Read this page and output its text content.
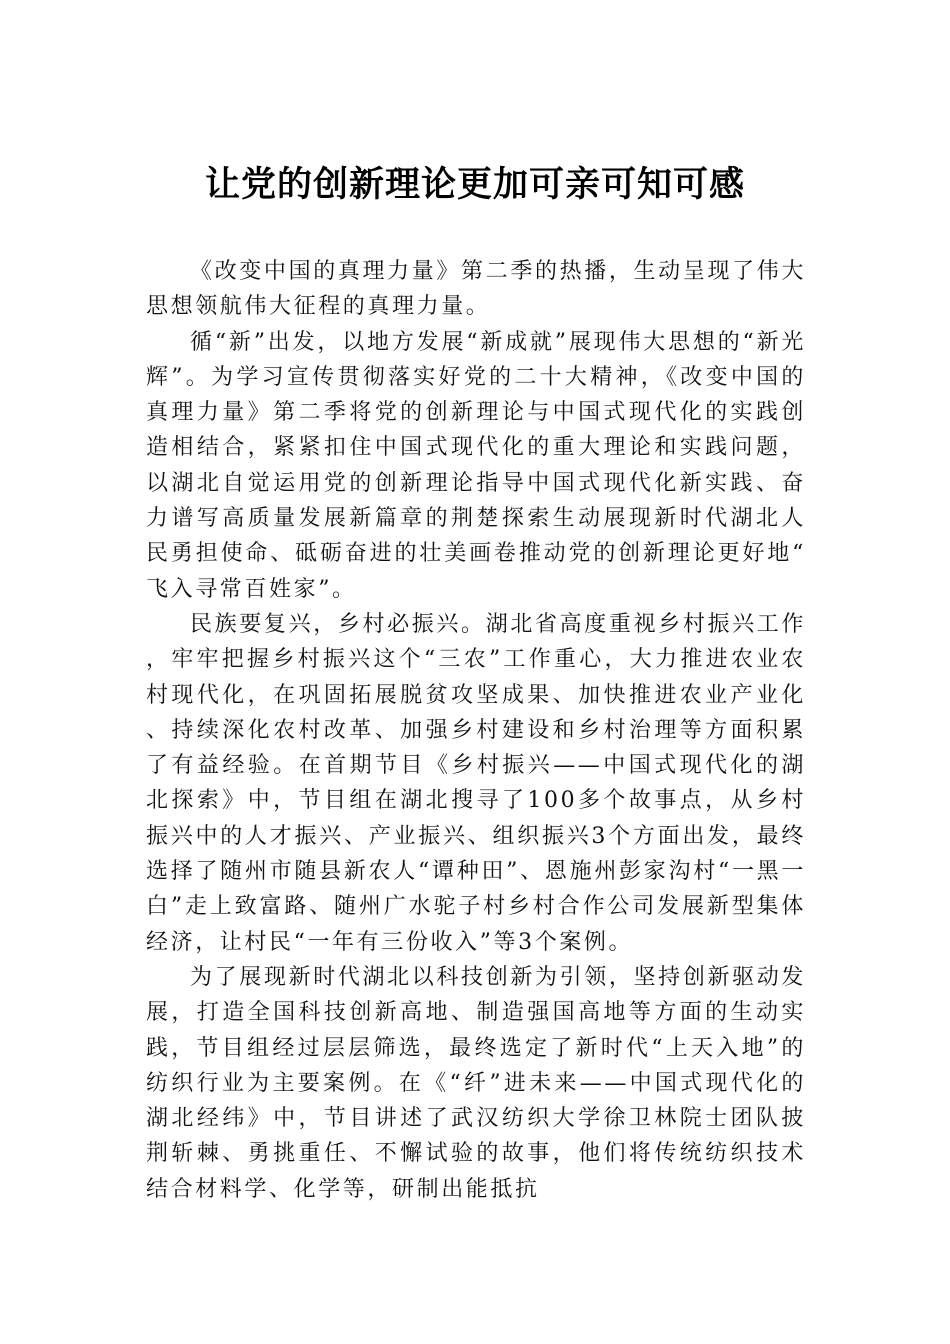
让党的创新理论更加可亲可知可感

《改变中国的真理力量》第二季的热播，生动呈现了伟大思想领航伟大征程的真理力量。

循“新”出发，以地方发展“新成就”展现伟大思想的“新光辉”。为学习宣传贯彻落实好党的二十大精神，《改变中国的真理力量》第二季将党的创新理论与中国式现代化的实践创造相结合，紧紧扣住中国式现代化的重大理论和实践问题，以湖北自觉运用党的创新理论指导中国式现代化新实践、奋力谱写高质量发展新篇章的荆楚探索生动展现新时代湖北人民勇担使命、砥砺奋进的壮美画卷推动党的创新理论更好地“飞入寻常百姓家”。

民族要复兴，乡村必振兴。湖北省高度重视乡村振兴工作，牢牢把握乡村振兴这个“三农”工作重心，大力推进农业农村现代化，在巩固拓展脱贫攻坚成果、加快推进农业产业化、持续深化农村改革、加强乡村建设和乡村治理等方面积累了有益经验。在首期节目《乡村振兴——中国式现代化的湖北探索》中，节目组在湖北搜寻了100多个故事点，从乡村振兴中的人才振兴、产业振兴、组织振兴3个方面出发，最终选择了随州市随县新农人“谭种田”、恩施州彭家沟村“一黑一白”走上致富路、随州广水驼子村乡村合作公司发展新型集体经济，让村民“一年有三份收入”等3个案例。

为了展现新时代湖北以科技创新为引领，坚持创新驱动发展，打造全国科技创新高地、制造强国高地等方面的生动实践，节目组经过层层筛选，最终选定了新时代“上天入地”的纺织行业为主要案例。在《“纤”进未来——中国式现代化的湖北经纬》中，节目讲述了武汉纺织大学徐卫林院士团队披荆斩棘、勇挑重任、不懈试验的故事，他们将传统纺织技术结合材料学、化学等，研制出能抵抗
